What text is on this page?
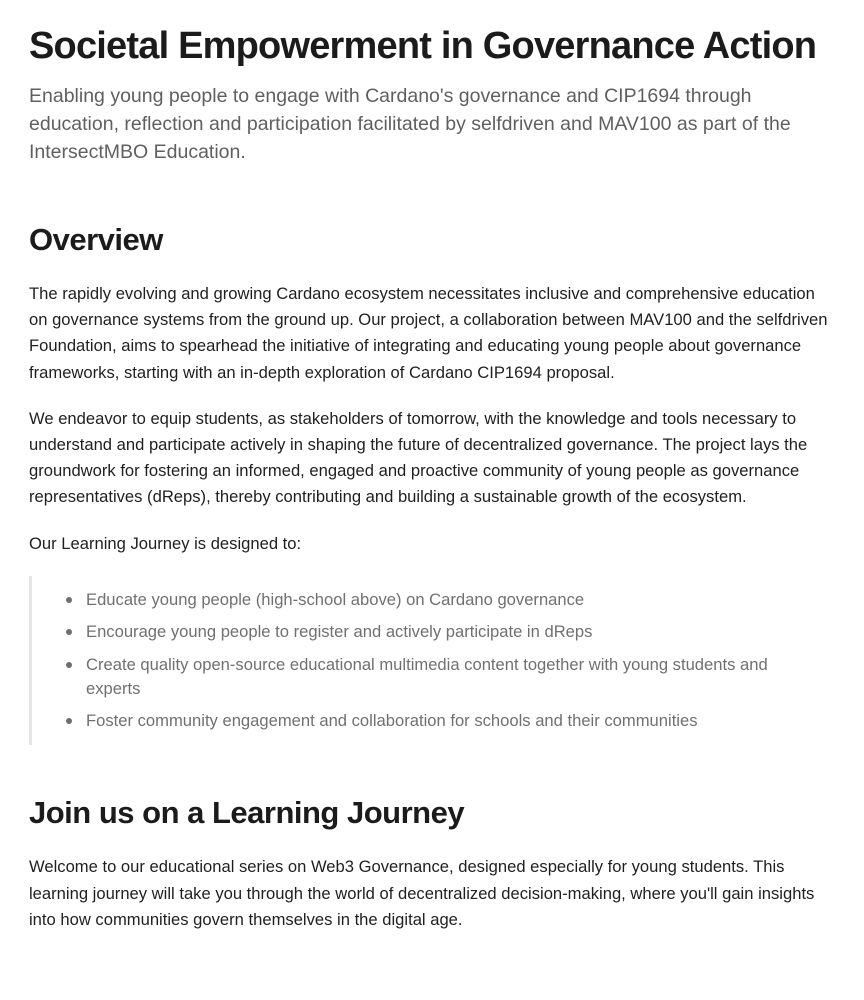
Societal Empowerment in Governance Action

Enabling young people to engage with Cardano's governance and CIP1694 through education, reflection and participation facilitated by selfdriven and MAV100 as part of the IntersectMBO Education.

Overview

The rapidly evolving and growing Cardano ecosystem necessitates inclusive and comprehensive education on governance systems from the ground up. Our project, a collaboration between MAV100 and the selfdriven Foundation, aims to spearhead the initiative of integrating and educating young people about governance frameworks, starting with an in-depth exploration of Cardano CIP1694 proposal.

We endeavor to equip students, as stakeholders of tomorrow, with the knowledge and tools necessary to understand and participate actively in shaping the future of decentralized governance. The project lays the groundwork for fostering an informed, engaged and proactive community of young people as governance representatives (dReps), thereby contributing and building a sustainable growth of the ecosystem.

Our Learning Journey is designed to:

Educate young people (high-school above) on Cardano governance
Encourage young people to register and actively participate in dReps
Create quality open-source educational multimedia content together with young students and experts
Foster community engagement and collaboration for schools and their communities
Join us on a Learning Journey

Welcome to our educational series on Web3 Governance, designed especially for young students. This learning journey will take you through the world of decentralized decision-making, where you'll gain insights into how communities govern themselves in the digital age.
